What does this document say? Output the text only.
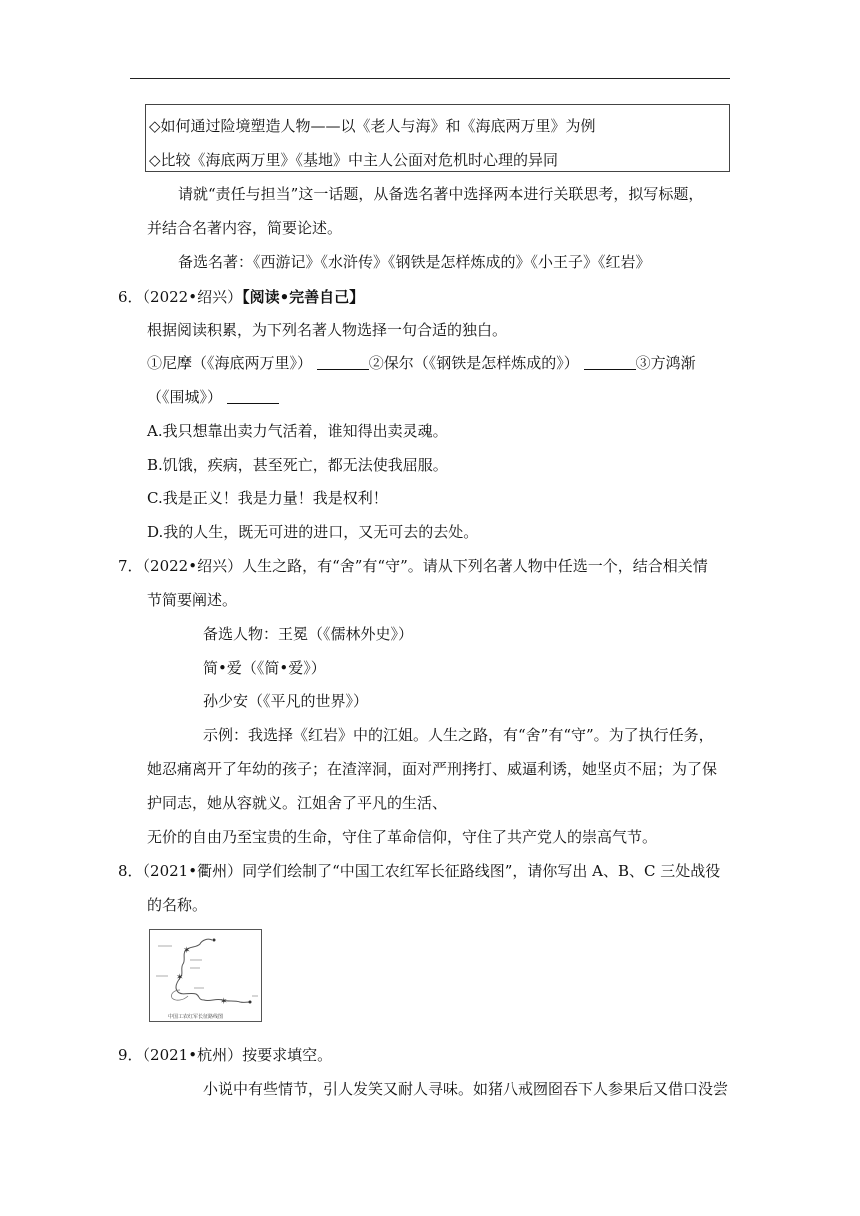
◇如何通过险境塑造人物——以《老人与海》和《海底两万里》为例
◇比较《海底两万里》《基地》中主人公面对危机时心理的异同
请就“责任与担当”这一话题，从备选名著中选择两本进行关联思考，拟写标题，
并结合名著内容，简要论述。
备选名著：《西游记》《水浒传》《钢铁是怎样炼成的》《小王子》《红岩》
6．（2022•绍兴）【阅读•完善自己】
根据阅读积累，为下列名著人物选择一句合适的独白。
①尼摩（《海底两万里》）	②保尔（《钢铁是怎样炼成的》）	③方鸿渐
（《围城》）
A.我只想靠出卖力气活着，谁知得出卖灵魂。
B.饥饿，疾病，甚至死亡，都无法使我屈服。
C.我是正义！我是力量！我是权利！
D.我的人生，既无可进的进口，又无可去的去处。
7．（2022•绍兴）人生之路，有“舍”有“守”。请从下列名著人物中任选一个，结合相关情
节简要阐述。
备选人物：王冕（《儒林外史》）
简•爱（《简•爱》）
孙少安（《平凡的世界》）
示例：我选择《红岩》中的江姐。人生之路，有“舍”有“守”。为了执行任务，
她忍痛离开了年幼的孩子；在渣滓洞，面对严刑拷打、威逼利诱，她坚贞不屈；为了保
护同志，她从容就义。江姐舍了平凡的生活、
无价的自由乃至宝贵的生命，守住了革命信仰，守住了共产党人的崇高气节。
8．（2021•衢州）同学们绘制了“中国工农红军长征路线图”，请你写出 A、B、C 三处战役
的名称。
✶
✶
✶
中国工农红军长征路线图
9．（2021•杭州）按要求填空。
小说中有些情节，引人发笑又耐人寻味。如猪八戒囫囵吞下人参果后又借口没尝
